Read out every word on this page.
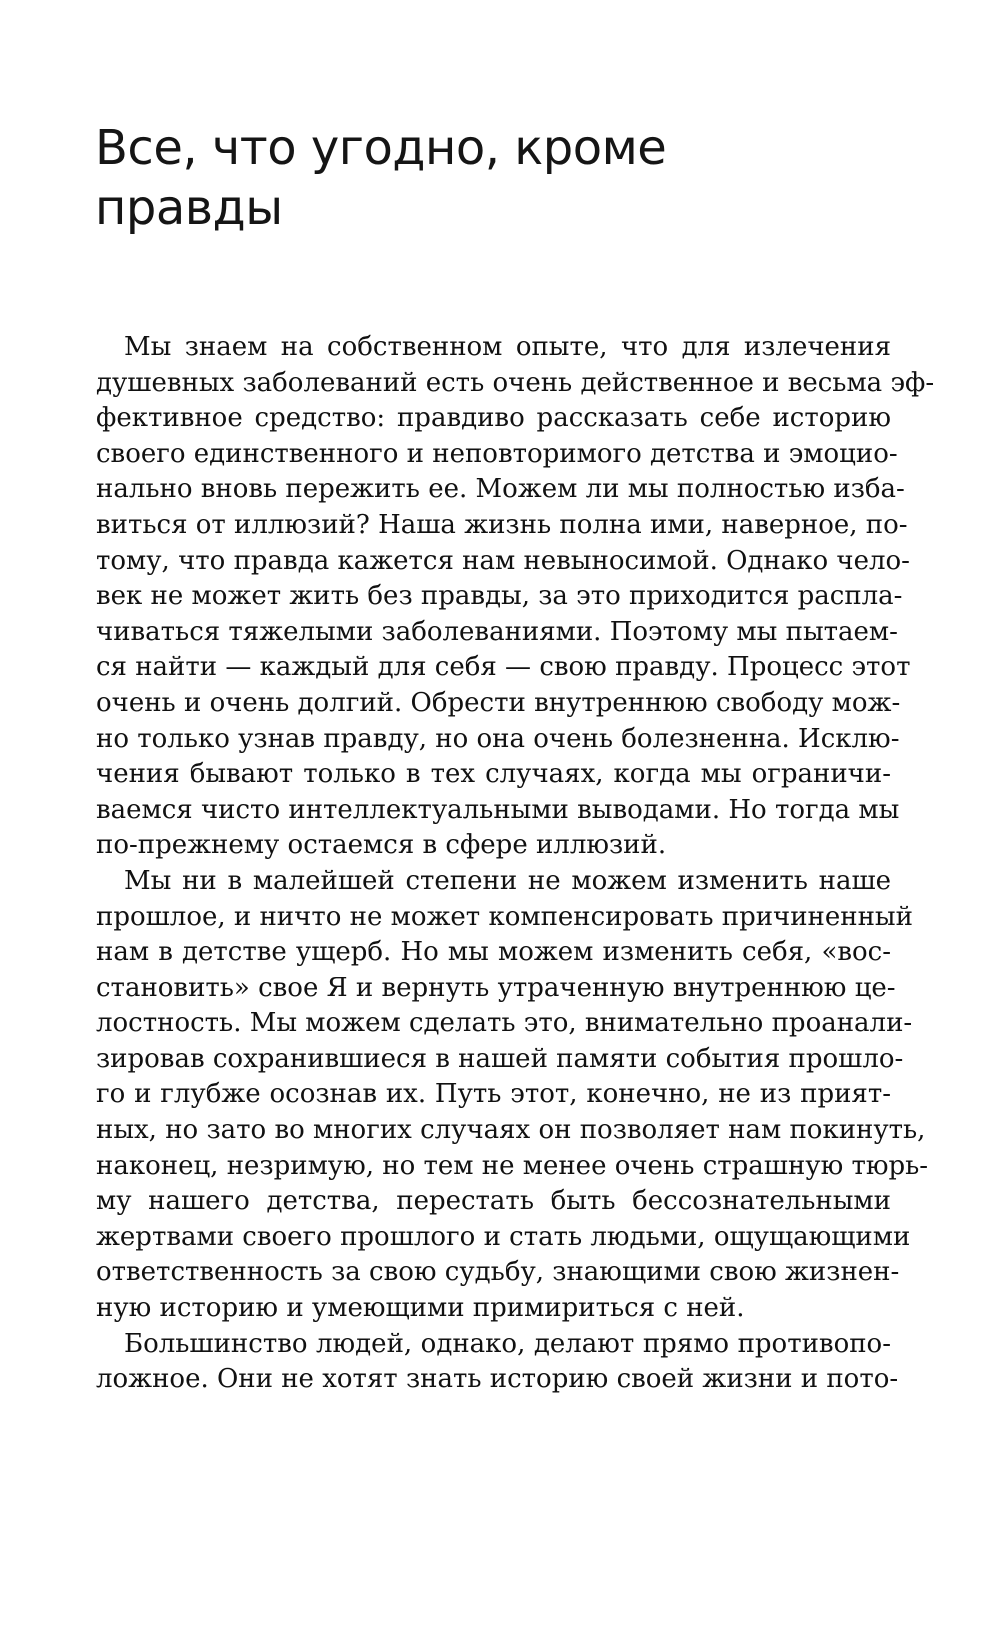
Все, что угодно, кроме
правды
Мы знаем на собственном опыте, что для излечения
душевных заболеваний есть очень действенное и весьма эф-
фективное средство: правдиво рассказать себе историю
своего единственного и неповторимого детства и эмоцио-
нально вновь пережить ее. Можем ли мы полностью изба-
виться от иллюзий? Наша жизнь полна ими, наверное, по-
тому, что правда кажется нам невыносимой. Однако чело-
век не может жить без правды, за это приходится распла-
чиваться тяжелыми заболеваниями. Поэтому мы пытаем-
ся найти — каждый для себя — свою правду. Процесс этот
очень и очень долгий. Обрести внутреннюю свободу мож-
но только узнав правду, но она очень болезненна. Исклю-
чения бывают только в тех случаях, когда мы ограничи-
ваемся чисто интеллектуальными выводами. Но тогда мы
по-прежнему остаемся в сфере иллюзий.
Мы ни в малейшей степени не можем изменить наше
прошлое, и ничто не может компенсировать причиненный
нам в детстве ущерб. Но мы можем изменить себя, «вос-
становить» свое Я и вернуть утраченную внутреннюю це-
лостность. Мы можем сделать это, внимательно проанали-
зировав сохранившиеся в нашей памяти события прошло-
го и глубже осознав их. Путь этот, конечно, не из прият-
ных, но зато во многих случаях он позволяет нам покинуть,
наконец, незримую, но тем не менее очень страшную тюрь-
му нашего детства, перестать быть бессознательными
жертвами своего прошлого и стать людьми, ощущающими
ответственность за свою судьбу, знающими свою жизнен-
ную историю и умеющими примириться с ней.
Большинство людей, однако, делают прямо противопо-
ложное. Они не хотят знать историю своей жизни и пото-
